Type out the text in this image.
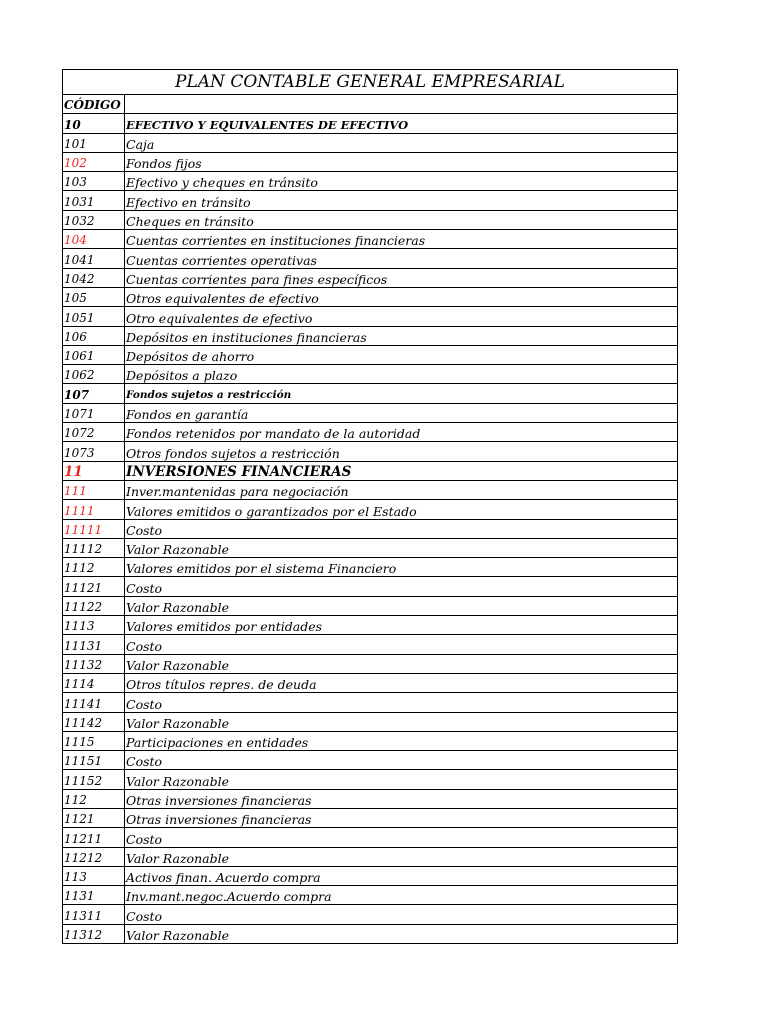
PLAN CONTABLE GENERAL EMPRESARIAL	
CÓDIGO	
10	EFECTIVO Y EQUIVALENTES DE EFECTIVO
101	Caja
102	Fondos fijos
103	Efectivo y cheques en tránsito
1031	Efectivo en tránsito
1032	Cheques en tránsito
104	Cuentas corrientes en instituciones financieras
1041	Cuentas corrientes operativas
1042	Cuentas corrientes para fines específicos
105	Otros equivalentes de efectivo
1051	Otro equivalentes de efectivo
106	Depósitos en instituciones financieras
1061	Depósitos de ahorro
1062	Depósitos a plazo
107	Fondos sujetos a restricción
1071	Fondos en garantía
1072	Fondos retenidos por mandato de la autoridad
1073	Otros fondos sujetos a restricción
11	INVERSIONES FINANCIERAS
111	Inver.mantenidas para negociación
1111	Valores emitidos o garantizados por el Estado
11111	Costo
11112	Valor Razonable
1112	Valores emitidos por el sistema Financiero
11121	Costo
11122	Valor Razonable
1113	Valores emitidos por entidades
11131	Costo
11132	Valor Razonable
1114	Otros títulos repres. de deuda
11141	Costo
11142	Valor Razonable
1115	Participaciones en entidades
11151	Costo
11152	Valor Razonable
112	Otras inversiones financieras
1121	Otras inversiones financieras
11211	Costo
11212	Valor Razonable
113	Activos finan. Acuerdo compra
1131	Inv.mant.negoc.Acuerdo compra
11311	Costo
11312	Valor Razonable
